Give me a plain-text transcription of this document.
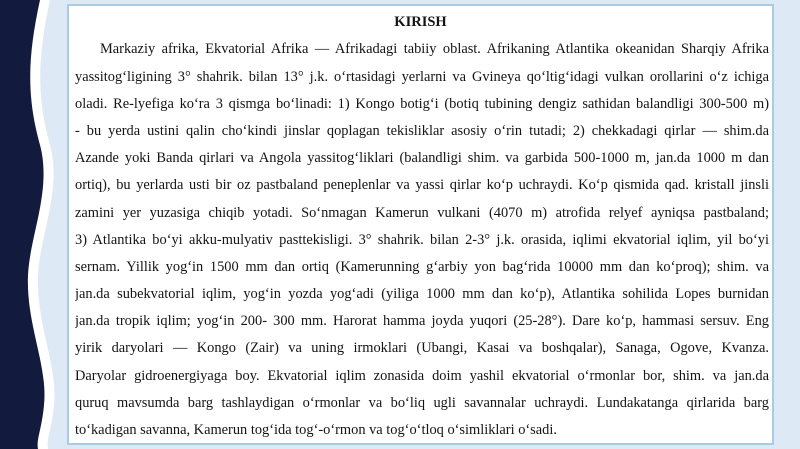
KIRISH
Markaziy afrika, Ekvatorial Afrika — Afrikadagi tabiiy oblast. Afrikaning Atlantika okeanidan Sharqiy Afrika
yassitog‘ligining 3° shahrik. bilan 13° j.k. o‘rtasidagi yerlarni va Gvineya qo‘ltig‘idagi vulkan orollarini o‘z ichiga
oladi. Re-lyefiga ko‘ra 3 qismga bo‘linadi: 1) Kongo botig‘i (botiq tubining dengiz sathidan balandligi 300-500 m)
- bu yerda ustini qalin cho‘kindi jinslar qoplagan tekisliklar asosiy o‘rin tutadi; 2) chekkadagi qirlar — shim.da
Azande yoki Banda qirlari va Angola yassitog‘liklari (balandligi shim. va garbida 500-1000 m, jan.da 1000 m dan
ortiq), bu yerlarda usti bir oz pastbaland peneplenlar va yassi qirlar ko‘p uchraydi. Ko‘p qismida qad. kristall jinsli
zamini yer yuzasiga chiqib yotadi. So‘nmagan Kamerun vulkani (4070 m) atrofida relyef ayniqsa pastbaland;
3) Atlantika bo‘yi akku-mulyativ pasttekisligi. 3° shahrik. bilan 2-3° j.k. orasida, iqlimi ekvatorial iqlim, yil bo‘yi
sernam. Yillik yog‘in 1500 mm dan ortiq (Kamerunning g‘arbiy yon bag‘rida 10000 mm dan ko‘proq); shim. va
jan.da subekvatorial iqlim, yog‘in yozda yog‘adi (yiliga 1000 mm dan ko‘p), Atlantika sohilida Lopes burnidan
jan.da tropik iqlim; yog‘in 200- 300 mm. Harorat hamma joyda yuqori (25-28°). Dare ko‘p, hammasi sersuv. Eng
yirik daryolari — Kongo (Zair) va uning irmoklari (Ubangi, Kasai va boshqalar), Sanaga, Ogove, Kvanza.
Daryolar gidroenergiyaga boy. Ekvatorial iqlim zonasida doim yashil ekvatorial o‘rmonlar bor, shim. va jan.da
quruq mavsumda barg tashlaydigan o‘rmonlar va bo‘liq ugli savannalar uchraydi. Lundakatanga qirlarida barg
to‘kadigan savanna, Kamerun tog‘ida tog‘-o‘rmon va tog‘o‘tloq o‘simliklari o‘sadi.
